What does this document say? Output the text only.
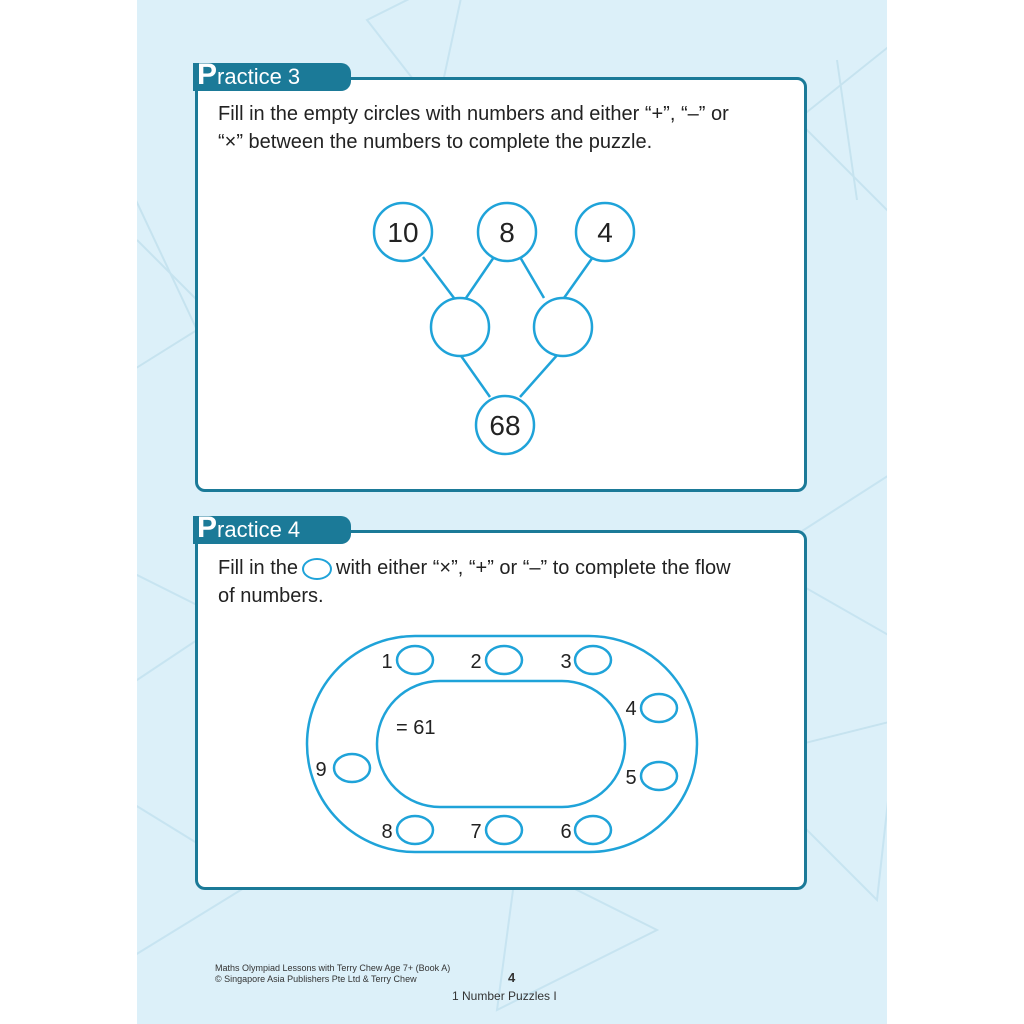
P ractice 3
Fill in the empty circles with numbers and either “+”, “–” or
“×” between the numbers to complete the puzzle.
10	8	4
68
P ractice 4
Fill in the with either “×”, “+” or “–” to complete the flow
of numbers.
1	2	3
4
5
6
7
8
9
= 61
Maths Olympiad Lessons with Terry Chew Age 7+ (Book A)
© Singapore Asia Publishers Pte Ltd & Terry Chew	4
1 Number Puzzles I
